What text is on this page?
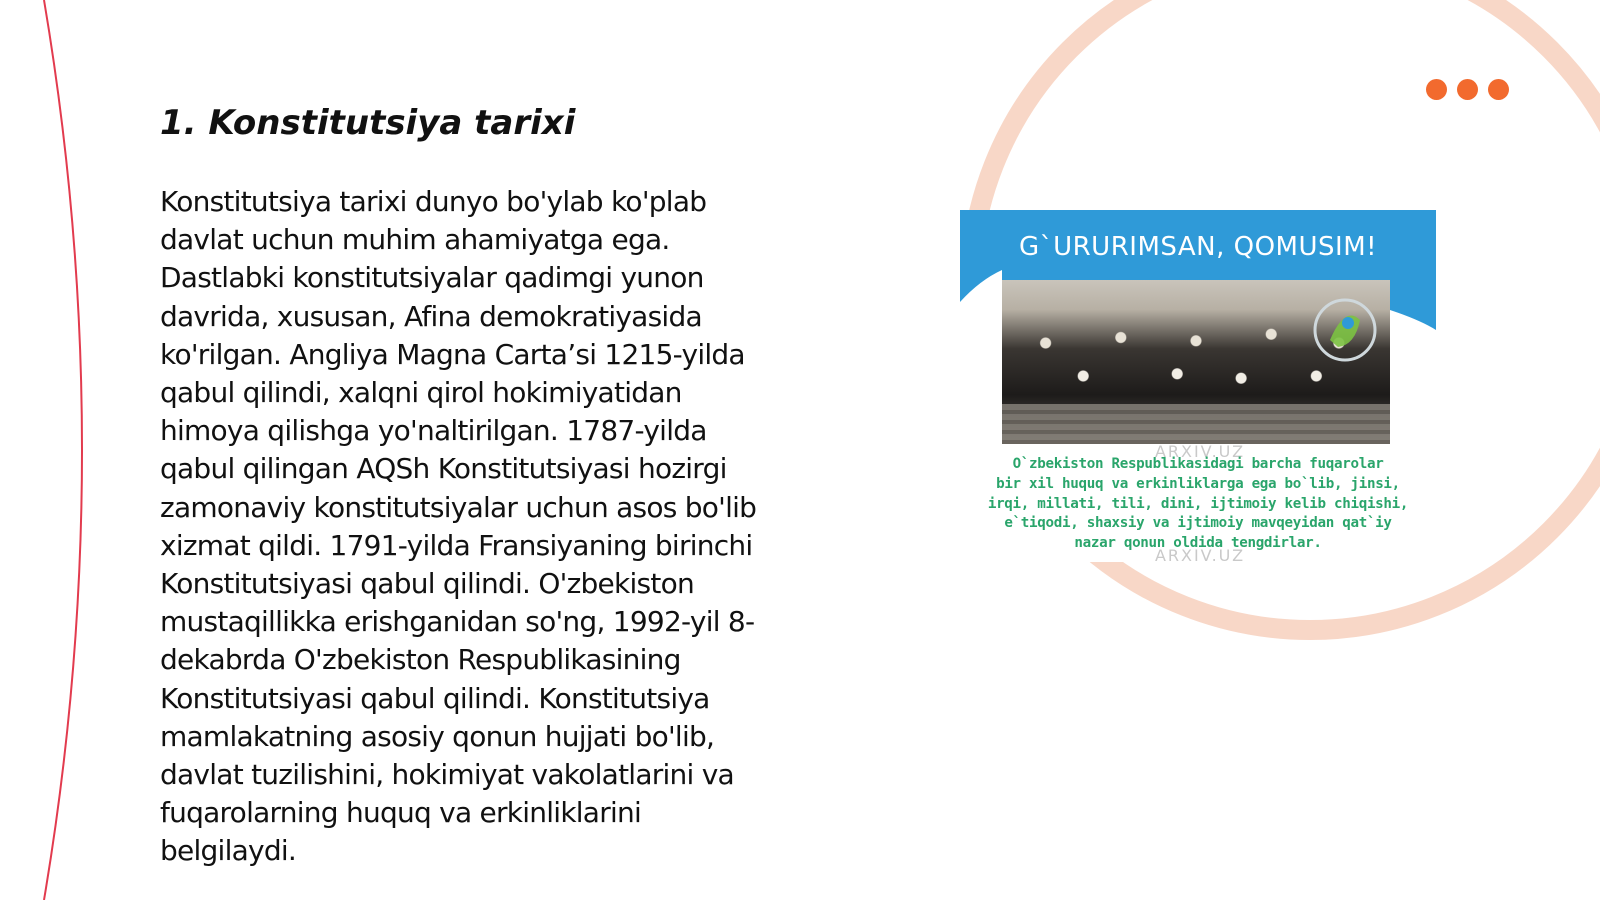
1. Konstitutsiya tarixi
Konstitutsiya tarixi dunyo bo'ylab ko'plab
davlat uchun muhim ahamiyatga ega.
Dastlabki konstitutsiyalar qadimgi yunon
davrida, xususan, Afina demokratiyasida
ko'rilgan. Angliya Magna Carta’si 1215-yilda
qabul qilindi, xalqni qirol hokimiyatidan
himoya qilishga yo'naltirilgan. 1787-yilda
qabul qilingan AQSh Konstitutsiyasi hozirgi
zamonaviy konstitutsiyalar uchun asos bo'lib
xizmat qildi. 1791-yilda Fransiyaning birinchi
Konstitutsiyasi qabul qilindi. O'zbekiston
mustaqillikka erishganidan so'ng, 1992-yil 8-
dekabrda O'zbekiston Respublikasining
Konstitutsiyasi qabul qilindi. Konstitutsiya
mamlakatning asosiy qonun hujjati bo'lib,
davlat tuzilishini, hokimiyat vakolatlarini va
fuqarolarning huquq va erkinliklarini
belgilaydi.

G`URURIMSAN, QOMUSIM!

ARXIV.UZ

O`zbekiston Respublikasidagi barcha fuqarolar
bir xil huquq va erkinliklarga ega bo`lib, jinsi,
irqi, millati, tili, dini, ijtimoiy kelib chiqishi,
e`tiqodi, shaxsiy va ijtimoiy mavqeyidan qat`iy
nazar qonun oldida tengdirlar.

ARXIV.UZ
